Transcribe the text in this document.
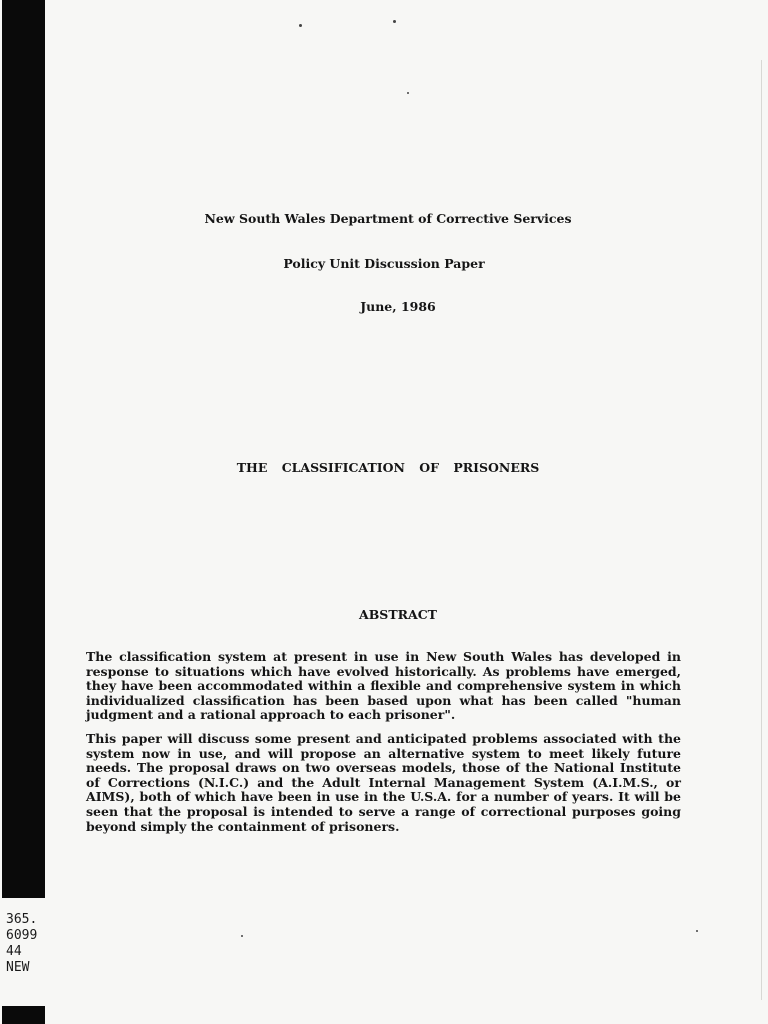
New South Wales Department of Corrective Services
Policy Unit Discussion Paper
June, 1986
THE CLASSIFICATION OF PRISONERS
ABSTRACT

The classification system at present in use in New South Wales has developed in response to situations which have evolved historically. As problems have emerged, they have been accommodated within a flexible and comprehensive system in which individualized classification has been based upon what has been called "human judgment and a rational approach to each prisoner".

This paper will discuss some present and anticipated problems associated with the system now in use, and will propose an alternative system to meet likely future needs. The proposal draws on two overseas models, those of the National Institute of Corrections (N.I.C.) and the Adult Internal Management System (A.I.M.S., or AIMS), both of which have been in use in the U.S.A. for a number of years. It will be seen that the proposal is intended to serve a range of correctional purposes going beyond simply the containment of prisoners.

365.
6099
44
NEW
